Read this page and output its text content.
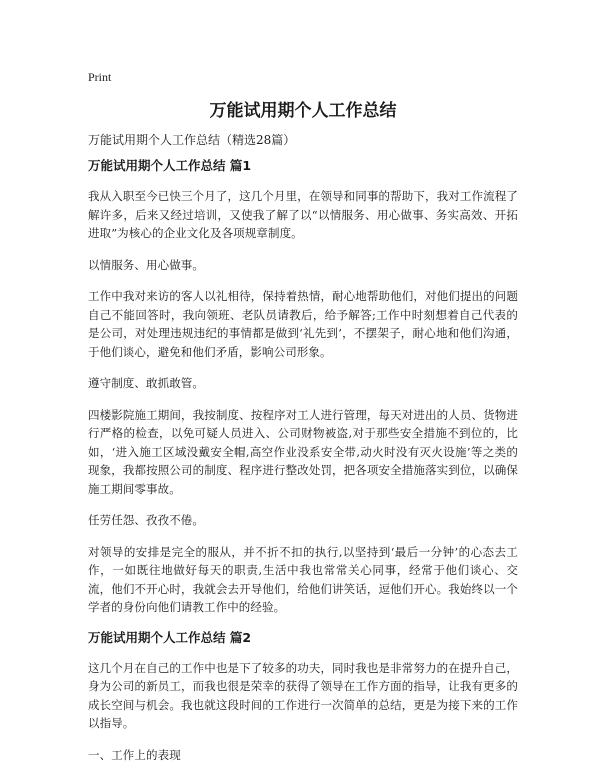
Print
万能试用期个人工作总结

万能试用期个人工作总结（精选28篇）

万能试用期个人工作总结 篇1

我从入职至今已快三个月了，这几个月里，在领导和同事的帮助下，我对工作流程了解许多，后来又经过培训，又使我了解了以“以情服务、用心做事、务实高效、开拓进取”为核心的企业文化及各项规章制度。

以情服务、用心做事。

工作中我对来访的客人以礼相待，保持着热情，耐心地帮助他们，对他们提出的问题自己不能回答时，我向领班、老队员请教后，给予解答;工作中时刻想着自己代表的是公司，对处理违规违纪的事情都是做到‘礼先到’，不摆架子，耐心地和他们沟通，于他们谈心，避免和他们矛盾，影响公司形象。

遵守制度、敢抓敢管。

四楼影院施工期间，我按制度、按程序对工人进行管理，每天对进出的人员、货物进行严格的检查，以免可疑人员进入、公司财物被盗,对于那些安全措施不到位的，比如，‘进入施工区域没戴安全帽,高空作业没系安全带,动火时没有灭火设施’等之类的现象，我都按照公司的制度、程序进行整改处罚，把各项安全措施落实到位，以确保施工期间零事故。

任劳任怨、孜孜不倦。

对领导的安排是完全的服从，并不折不扣的执行,以坚持到‘最后一分钟’的心态去工作，一如既往地做好每天的职责,生活中我也常常关心同事，经常于他们谈心、交流，他们不开心时，我就会去开导他们，给他们讲笑话，逗他们开心。我始终以一个学者的身份向他们请教工作中的经验。

万能试用期个人工作总结 篇2

这几个月在自己的工作中也是下了较多的功夫，同时我也是非常努力的在提升自己，身为公司的新员工，而我也很是荣幸的获得了领导在工作方面的指导，让我有更多的成长空间与机会。我也就这段时间的工作进行一次简单的总结，更是为接下来的工作以指导。

一、工作上的表现
